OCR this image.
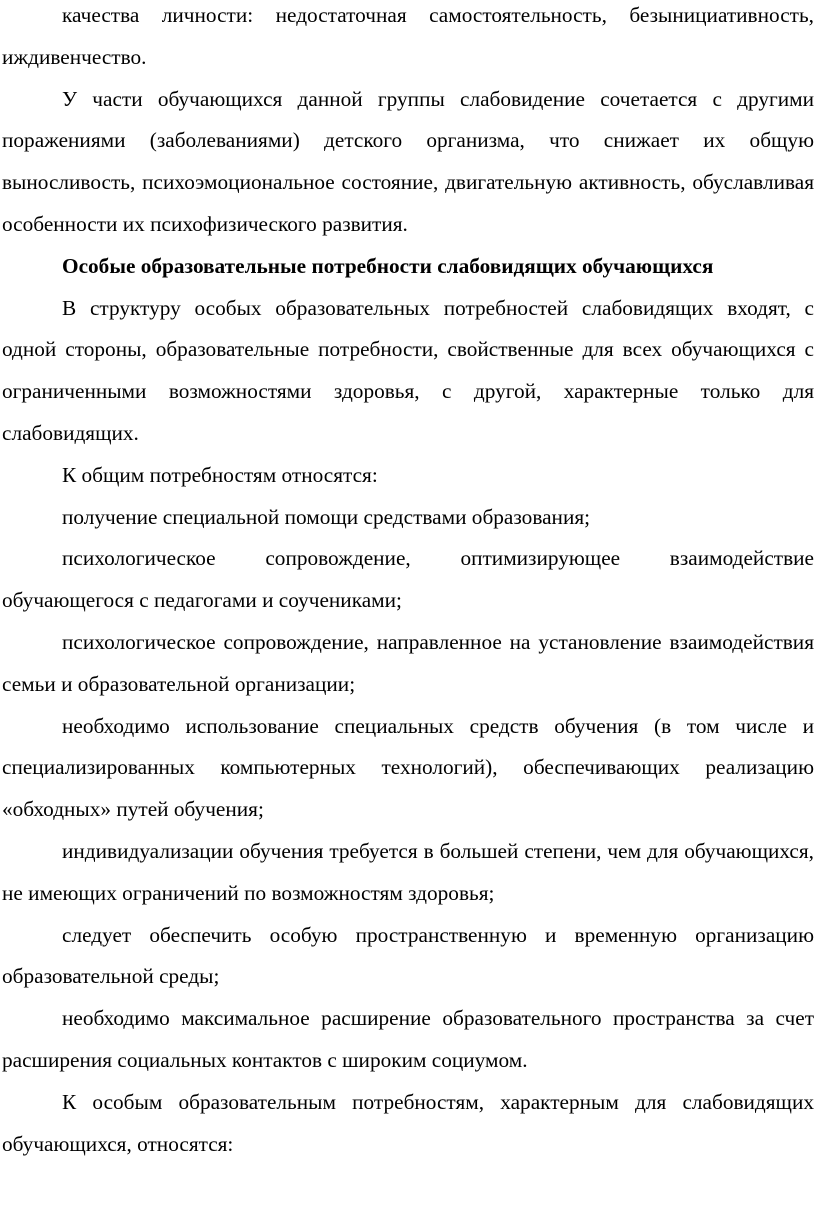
качества личности: недостаточная самостоятельность, безынициативность, иждивенчество.

У части обучающихся данной группы слабовидение сочетается с другими поражениями (заболеваниями) детского организма, что снижает их общую выносливость, психоэмоциональное состояние, двигательную активность, обуславливая особенности их психофизического развития.

Особые образовательные потребности слабовидящих обучающихся

В структуру особых образовательных потребностей слабовидящих входят, с одной стороны, образовательные потребности, свойственные для всех обучающихся с ограниченными возможностями здоровья, с другой, характерные только для слабовидящих.

К общим потребностям относятся:

получение специальной помощи средствами образования;

психологическое сопровождение, оптимизирующее взаимодействие обучающегося с педагогами и соучениками;

психологическое сопровождение, направленное на установление взаимодействия семьи и образовательной организации;

необходимо использование специальных средств обучения (в том числе и специализированных компьютерных технологий), обеспечивающих реализацию «обходных» путей обучения;

индивидуализации обучения требуется в большей степени, чем для обучающихся, не имеющих ограничений по возможностям здоровья;

следует обеспечить особую пространственную и временную организацию образовательной среды;

необходимо максимальное расширение образовательного пространства за счет расширения социальных контактов с широким социумом.

К особым образовательным потребностям, характерным для слабовидящих обучающихся, относятся:
